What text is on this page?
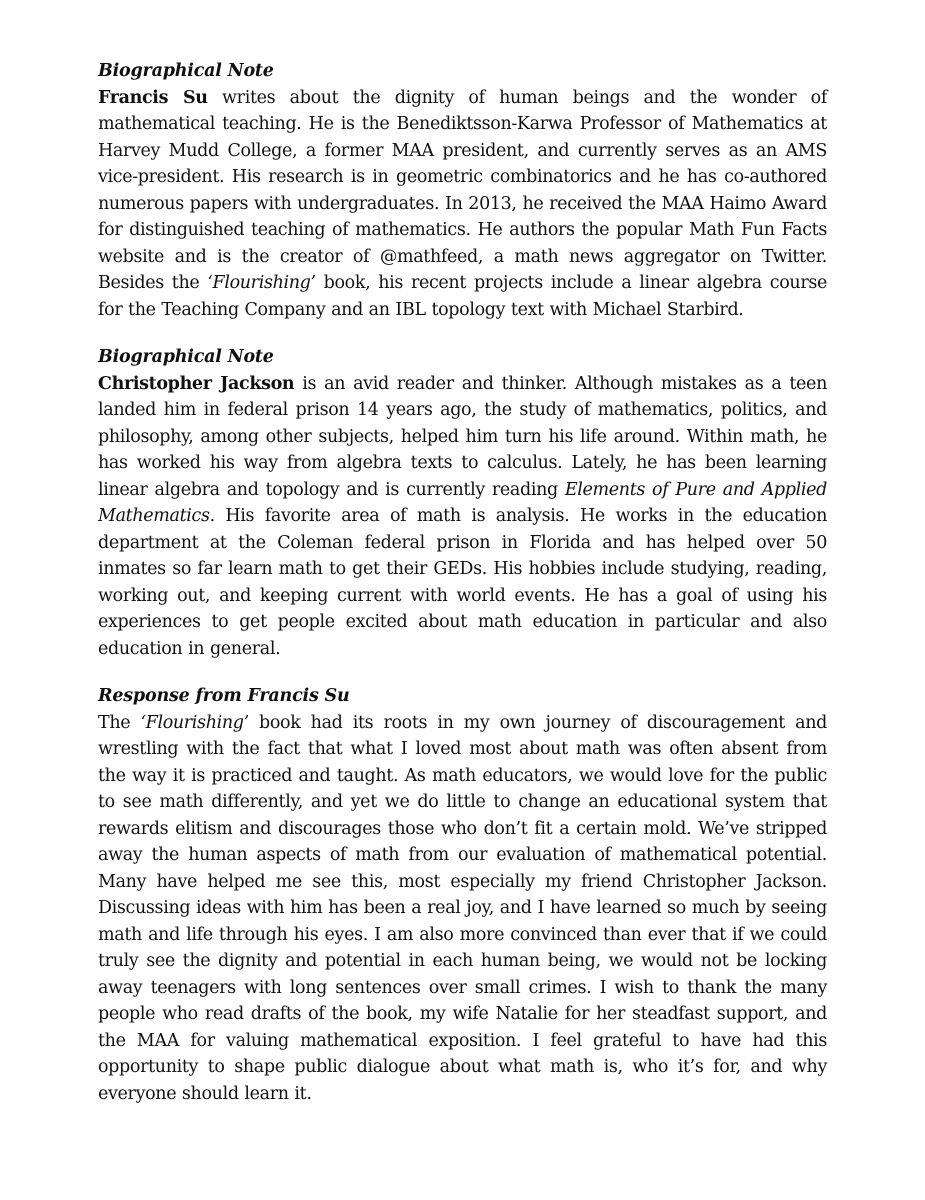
Biographical Note

Francis Su writes about the dignity of human beings and the wonder of mathematical teaching. He is the Benediktsson-Karwa Professor of Mathematics at Harvey Mudd College, a former MAA president, and currently serves as an AMS vice-president. His research is in geometric combinatorics and he has co-authored numerous papers with undergraduates. In 2013, he received the MAA Haimo Award for distinguished teaching of mathematics. He authors the popular Math Fun Facts website and is the creator of @mathfeed, a math news aggregator on Twitter. Besides the ‘Flourishing’ book, his recent projects include a linear algebra course for the Teaching Company and an IBL topology text with Michael Starbird.

Biographical Note

Christopher Jackson is an avid reader and thinker. Although mistakes as a teen landed him in federal prison 14 years ago, the study of mathematics, politics, and philosophy, among other subjects, helped him turn his life around. Within math, he has worked his way from algebra texts to calculus. Lately, he has been learning linear algebra and topology and is currently reading Elements of Pure and Applied Mathematics. His favorite area of math is analysis. He works in the education department at the Coleman federal prison in Florida and has helped over 50 inmates so far learn math to get their GEDs. His hobbies include studying, reading, working out, and keeping current with world events. He has a goal of using his experiences to get people excited about math education in particular and also education in general.

Response from Francis Su

The ‘Flourishing’ book had its roots in my own journey of discouragement and wrestling with the fact that what I loved most about math was often absent from the way it is practiced and taught. As math educators, we would love for the public to see math differently, and yet we do little to change an educational system that rewards elitism and discourages those who don’t fit a certain mold. We’ve stripped away the human aspects of math from our evaluation of mathematical potential. Many have helped me see this, most especially my friend Christopher Jackson. Discussing ideas with him has been a real joy, and I have learned so much by seeing math and life through his eyes. I am also more convinced than ever that if we could truly see the dignity and potential in each human being, we would not be locking away teenagers with long sentences over small crimes. I wish to thank the many people who read drafts of the book, my wife Natalie for her steadfast support, and the MAA for valuing mathematical exposition. I feel grateful to have had this opportunity to shape public dialogue about what math is, who it’s for, and why everyone should learn it.
